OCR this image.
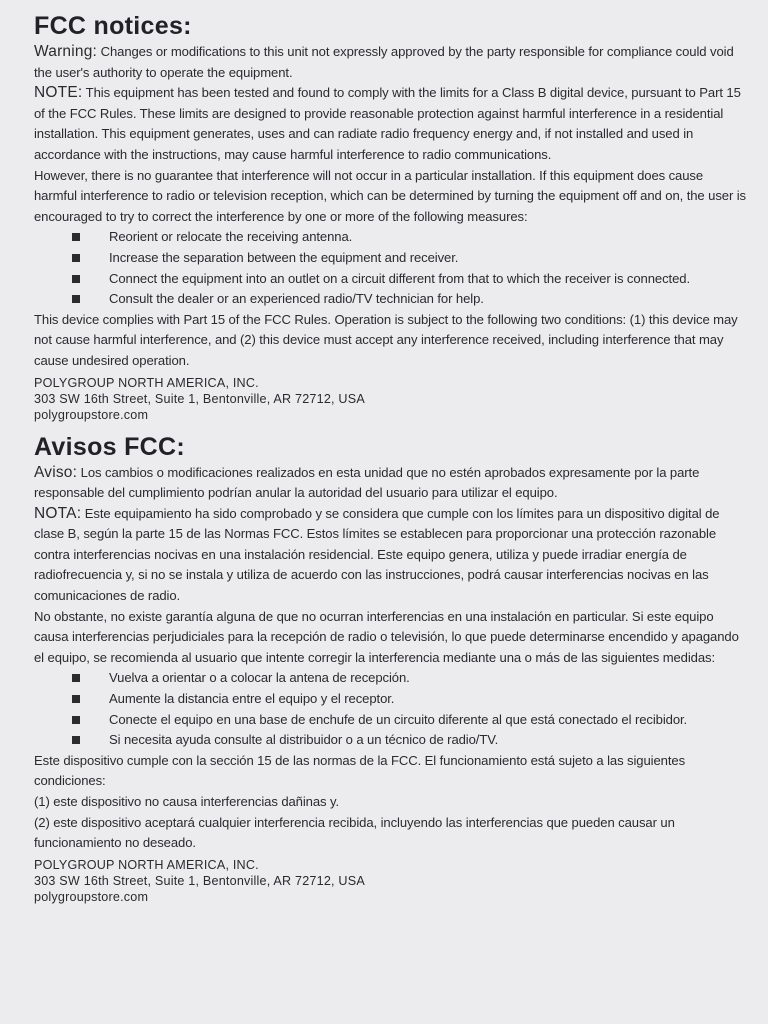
FCC notices:

Warning: Changes or modifications to this unit not expressly approved by the party responsible for compliance could void the user's authority to operate the equipment.

NOTE: This equipment has been tested and found to comply with the limits for a Class B digital device, pursuant to Part 15 of the FCC Rules. These limits are designed to provide reasonable protection against harmful interference in a residential installation. This equipment generates, uses and can radiate radio frequency energy and, if not installed and used in accordance with the instructions, may cause harmful interference to radio communications.

However, there is no guarantee that interference will not occur in a particular installation. If this equipment does cause harmful interference to radio or television reception, which can be determined by turning the equipment off and on, the user is encouraged to try to correct the interference by one or more of the following measures:

Reorient or relocate the receiving antenna.
Increase the separation between the equipment and receiver.
Connect the equipment into an outlet on a circuit different from that to which the receiver is connected.
Consult the dealer or an experienced radio/TV technician for help.

This device complies with Part 15 of the FCC Rules. Operation is subject to the following two conditions: (1) this device may not cause harmful interference, and (2) this device must accept any interference received, including interference that may cause undesired operation.

POLYGROUP NORTH AMERICA, INC.
303 SW 16th Street, Suite 1, Bentonville, AR 72712, USA
polygroupstore.com
Avisos FCC:

Aviso: Los cambios o modificaciones realizados en esta unidad que no estén aprobados expresamente por la parte responsable del cumplimiento podrían anular la autoridad del usuario para utilizar el equipo.

NOTA: Este equipamiento ha sido comprobado y se considera que cumple con los límites para un dispositivo digital de clase B, según la parte 15 de las Normas FCC. Estos límites se establecen para proporcionar una protección razonable contra interferencias nocivas en una instalación residencial. Este equipo genera, utiliza y puede irradiar energía de radiofrecuencia y, si no se instala y utiliza de acuerdo con las instrucciones, podrá causar interferencias nocivas en las comunicaciones de radio.

No obstante, no existe garantía alguna de que no ocurran interferencias en una instalación en particular. Si este equipo causa interferencias perjudiciales para la recepción de radio o televisión, lo que puede determinarse encendido y apagando el equipo, se recomienda al usuario que intente corregir la interferencia mediante una o más de las siguientes medidas:

Vuelva a orientar o a colocar la antena de recepción.
Aumente la distancia entre el equipo y el receptor.
Conecte el equipo en una base de enchufe de un circuito diferente al que está conectado el recibidor.
Si necesita ayuda consulte al distribuidor o a un técnico de radio/TV.

Este dispositivo cumple con la sección 15 de las normas de la FCC. El funcionamiento está sujeto a las siguientes condiciones:

(1) este dispositivo no causa interferencias dañinas y.

(2) este dispositivo aceptará cualquier interferencia recibida, incluyendo las interferencias que pueden causar un funcionamiento no deseado.

POLYGROUP NORTH AMERICA, INC.
303 SW 16th Street, Suite 1, Bentonville, AR 72712, USA
polygroupstore.com
